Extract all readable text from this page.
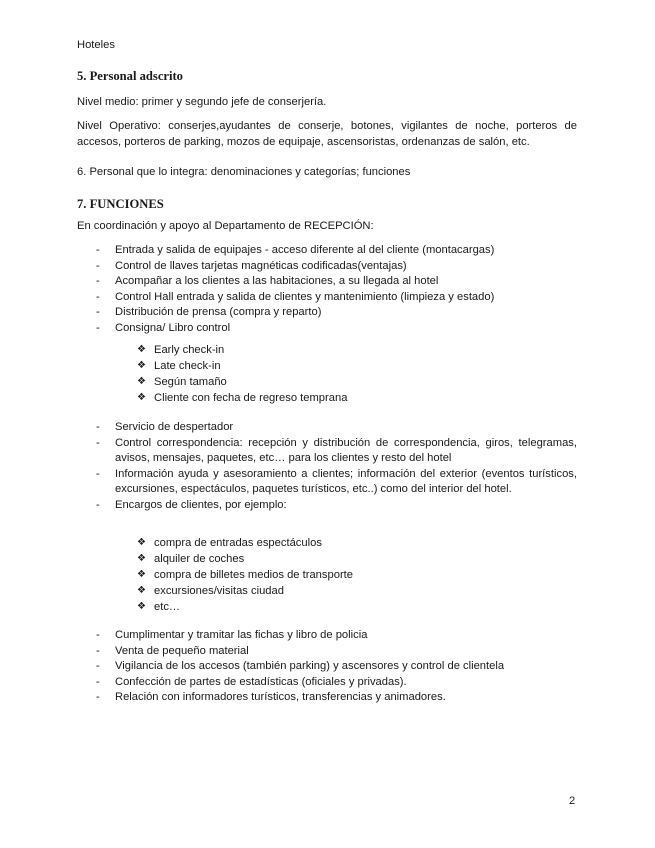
Hoteles
5. Personal adscrito
Nivel medio: primer y segundo jefe de conserjería.
Nivel Operativo: conserjes,ayudantes de conserje, botones, vigilantes de noche, porteros de accesos, porteros de parking, mozos de equipaje, ascensoristas, ordenanzas de salón, etc.
6. Personal que lo integra: denominaciones y categorías; funciones
7. FUNCIONES
En coordinación y apoyo al Departamento de RECEPCIÓN:
- Entrada y salida de equipajes - acceso diferente al del cliente (montacargas)
- Control de llaves tarjetas magnéticas codificadas(ventajas)
- Acompañar a los clientes a las habitaciones, a su llegada al hotel
- Control Hall entrada y salida de clientes y mantenimiento (limpieza y estado)
- Distribución de prensa (compra y reparto)
- Consigna/ Libro control
❖ Early check-in
❖ Late check-in
❖ Según tamaño
❖ Cliente con fecha de regreso temprana
- Servicio de despertador
- Control correspondencia: recepción y distribución de correspondencia, giros, telegramas, avisos, mensajes, paquetes, etc… para los clientes y resto del hotel
- Información ayuda y asesoramiento a clientes; información del exterior (eventos turísticos, excursiones, espectáculos, paquetes turísticos, etc..) como del interior del hotel.
- Encargos de clientes, por ejemplo:
❖ compra de entradas espectáculos
❖ alquiler de coches
❖ compra de billetes medios de transporte
❖ excursiones/visitas ciudad
❖ etc…
- Cumplimentar y tramitar las fichas y libro de policia
- Venta de pequeño material
- Vigilancia de los accesos (también parking) y ascensores y control de clientela
- Confección de partes de estadísticas (oficiales y privadas).
- Relación con informadores turísticos, transferencias y animadores.
2
